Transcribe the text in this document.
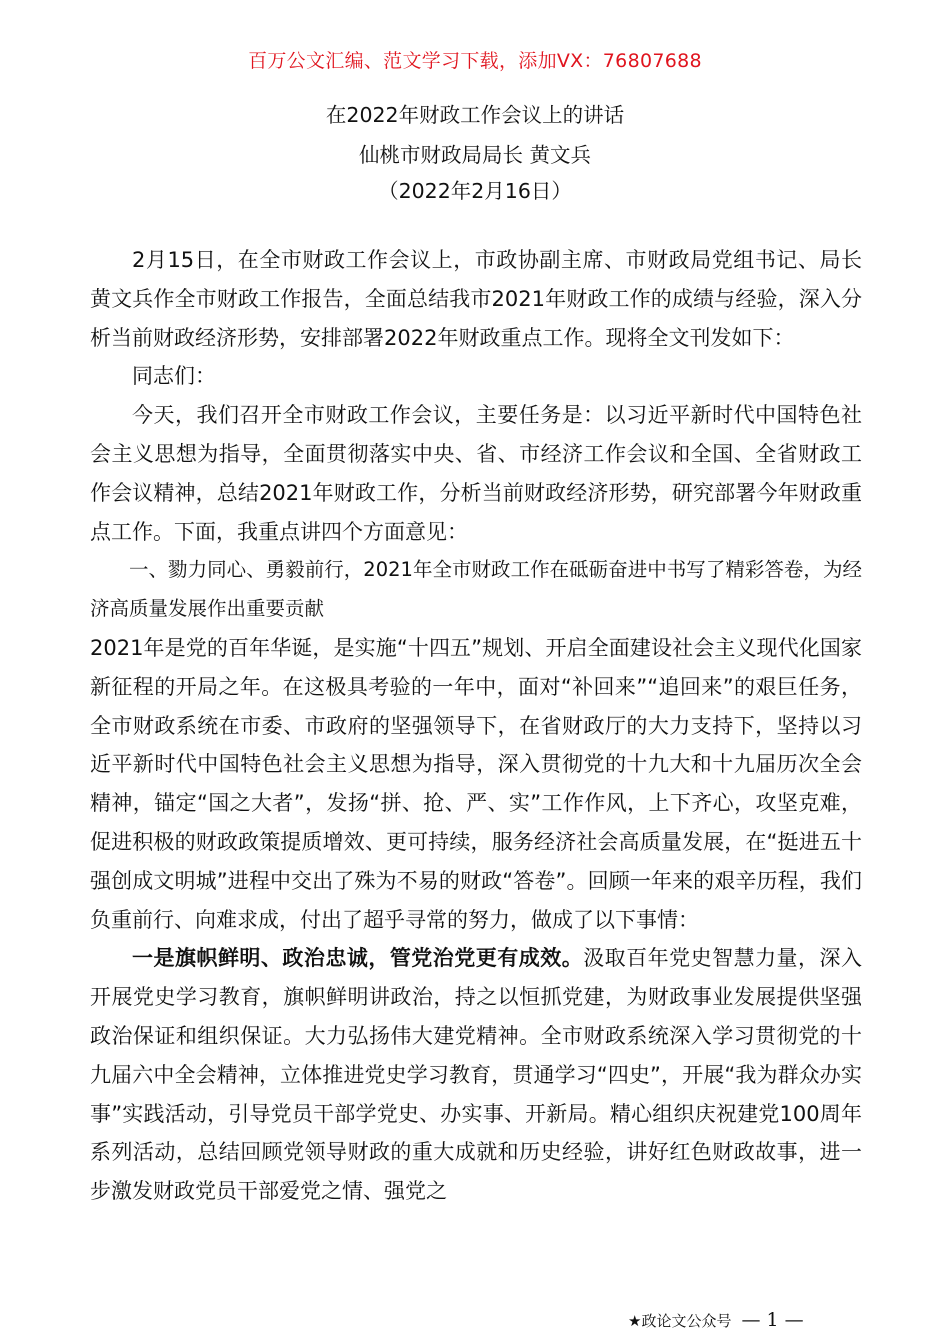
百万公文汇编、范文学习下载，添加VX：76807688
在2022年财政工作会议上的讲话
仙桃市财政局局长 黄文兵
（2022年2月16日）

2月15日，在全市财政工作会议上，市政协副主席、市财政局党组书记、局长黄文兵作全市财政工作报告，全面总结我市2021年财政工作的成绩与经验，深入分析当前财政经济形势，安排部署2022年财政重点工作。现将全文刊发如下：

同志们：

今天，我们召开全市财政工作会议，主要任务是：以习近平新时代中国特色社会主义思想为指导，全面贯彻落实中央、省、市经济工作会议和全国、全省财政工作会议精神，总结2021年财政工作，分析当前财政经济形势，研究部署今年财政重点工作。下面，我重点讲四个方面意见：

一、勠力同心、勇毅前行，2021年全市财政工作在砥砺奋进中书写了精彩答卷，为经济高质量发展作出重要贡献

2021年是党的百年华诞，是实施“十四五”规划、开启全面建设社会主义现代化国家新征程的开局之年。在这极具考验的一年中，面对“补回来”“追回来”的艰巨任务，全市财政系统在市委、市政府的坚强领导下，在省财政厅的大力支持下，坚持以习近平新时代中国特色社会主义思想为指导，深入贯彻党的十九大和十九届历次全会精神，锚定“国之大者”，发扬“拼、抢、严、实”工作作风，上下齐心，攻坚克难，促进积极的财政政策提质增效、更可持续，服务经济社会高质量发展，在“挺进五十强创成文明城”进程中交出了殊为不易的财政“答卷”。回顾一年来的艰辛历程，我们负重前行、向难求成，付出了超乎寻常的努力，做成了以下事情：

一是旗帜鲜明、政治忠诚，管党治党更有成效。汲取百年党史智慧力量，深入开展党史学习教育，旗帜鲜明讲政治，持之以恒抓党建，为财政事业发展提供坚强政治保证和组织保证。大力弘扬伟大建党精神。全市财政系统深入学习贯彻党的十九届六中全会精神，立体推进党史学习教育，贯通学习“四史”，开展“我为群众办实事”实践活动，引导党员干部学党史、办实事、开新局。精心组织庆祝建党100周年系列活动，总结回顾党领导财政的重大成就和历史经验，讲好红色财政故事，进一步激发财政党员干部爱党之情、强党之

★政论文公众号 — 1 —
